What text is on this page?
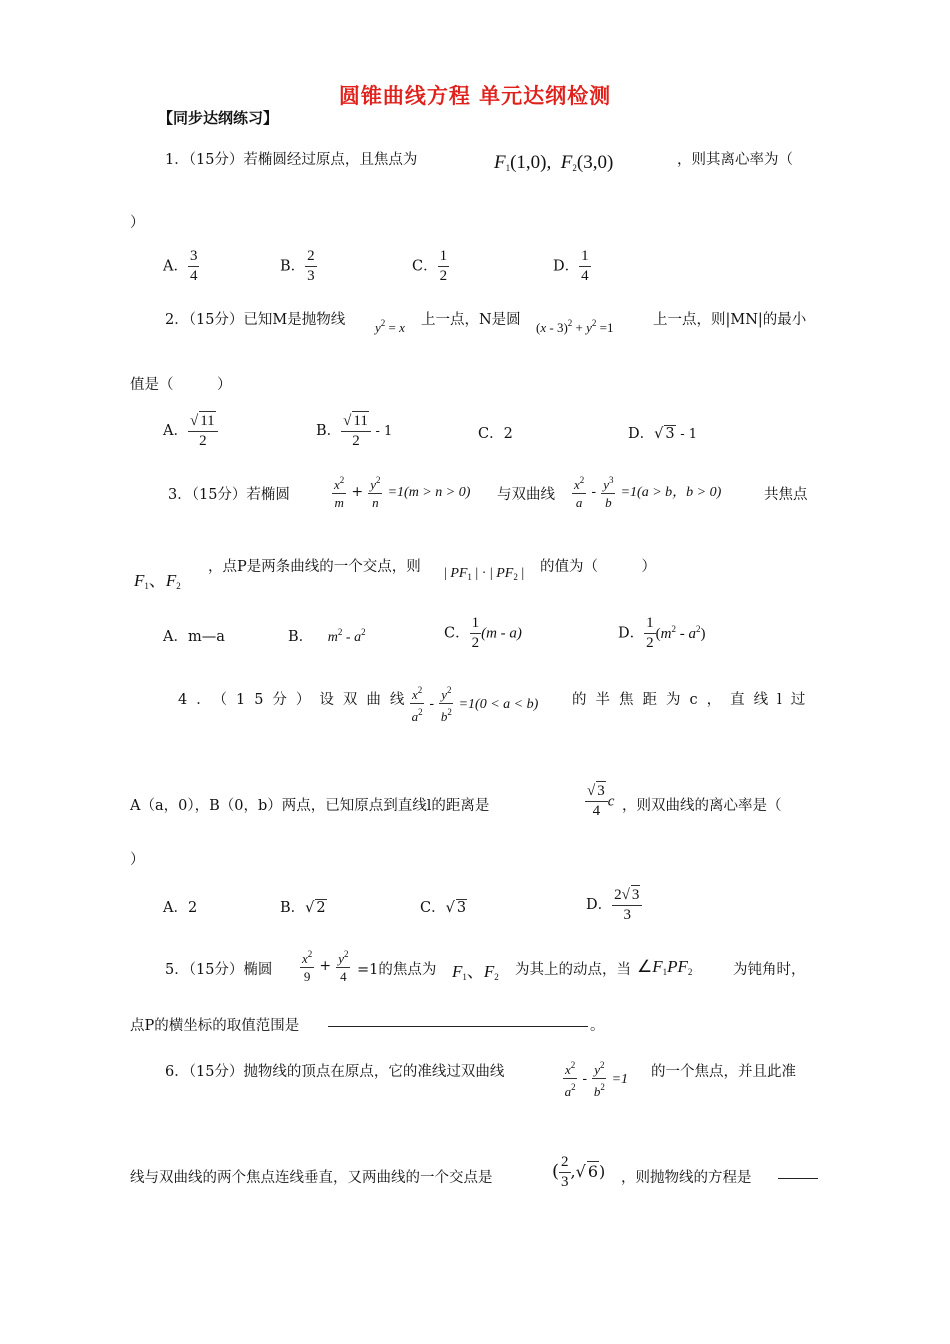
圆锥曲线方程 单元达纲检测
【同步达纲练习】
1．（15分）若椭圆经过原点，且焦点为	$F_1(1,0)$,  $F_2(3,0)$	，则其离心率为（
）
A． $\frac{3}{4}$	B． $\frac{2}{3}$	C． $\frac{1}{2}$	D． $\frac{1}{4}$
2．（15分）已知M是抛物线 $y^2 = x$ 上一点，N是圆 $(x - 3)^2 + y^2 =1$	上一点，则|MN|的最小
值是（　　　）
A． $\frac{√ 11}{2}$	B． $\frac{√ 11}{2} - 1$	C．2	D．√ 3 - 1
3．（15分）若椭圆	$\frac{x^2}{m} + \frac{y^2}{n} =1(m > n > 0)$ 与双曲线 $\frac{x^2}{a} - \frac{y^3}{b} =1(a > b$，b > 0)	共焦点
$F_1$、$F_2$
，点P是两条曲线的一个交点，则 | $PF_1$ | · | $PF_2$ | 的值为（　　　）
A．m—a	B． $m^2 - a^2$	C． $\frac{1}{2} (m - a)$	D． $\frac{1}{2} (m^2 - a^2)$
4．（15分）设双曲线
$\frac{x^2}{a^2} - \frac{y^2}{b^2} =1(0 < a < b)$ 的半焦距为c，直线l过
A（a，0），B（0，b）两点，已知原点到直线l的距离是	$\frac{√ 3}{4}$ c ，则双曲线的离心率是（
）
A．2	B．√ 2	C．√ 3	D． $\frac{2√ 3}{3}$
5．（15分）椭圆 $\frac{x^2}{9} + \frac{y^2}{4} =1$的焦点为 $F_1$、$F_2$ 为其上的动点，当 $\angle F_1PF_2$	为钝角时，
点P的横坐标的取值范围是	。
6．（15分）抛物线的顶点在原点，它的准线过双曲线	$\frac{x^2}{a^2} - \frac{y^2}{b^2} =1$ 的一个焦点，并且此准
线与双曲线的两个焦点连线垂直，又两曲线的一个交点是	( $\frac{2}{3}$ ,√ 6) ，则抛物线的方程是
